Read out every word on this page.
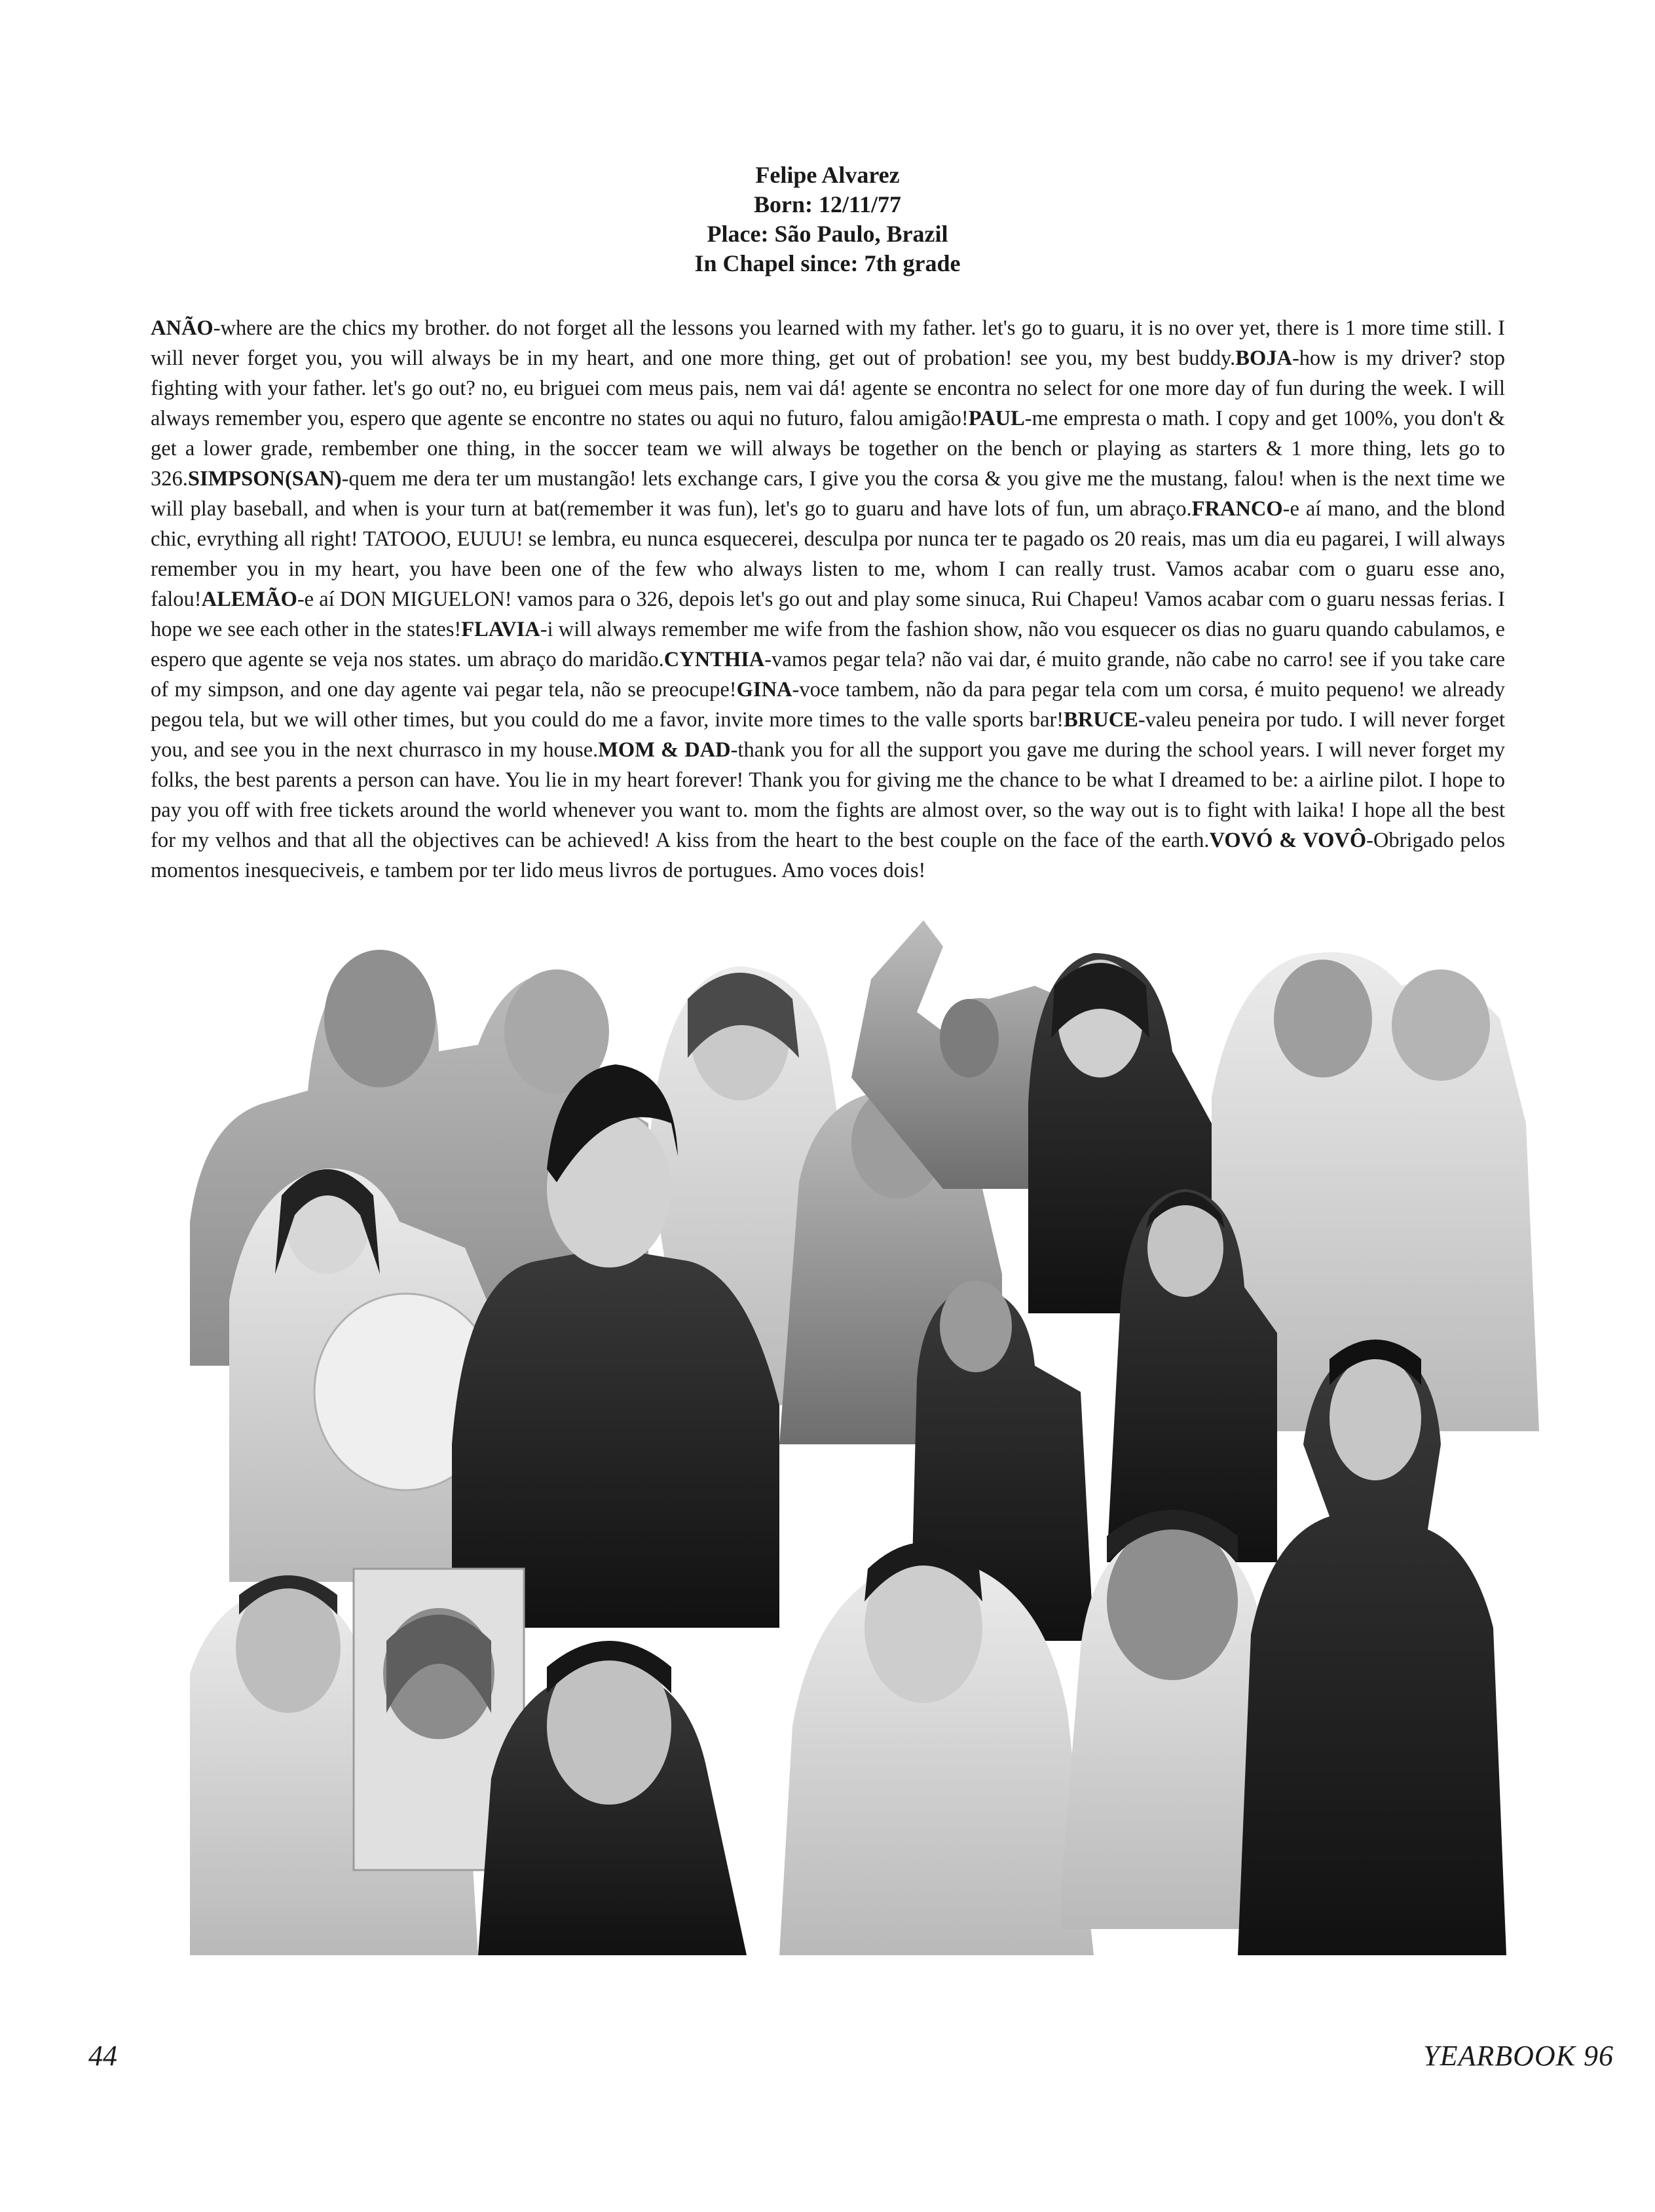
Felipe Alvarez
Born: 12/11/77
Place: São Paulo, Brazil
In Chapel since: 7th grade
ANÃO-where are the chics my brother. do not forget all the lessons you learned with my father. let's go to guaru, it is no over yet, there is 1 more time still. I will never forget you, you will always be in my heart, and one more thing, get out of probation! see you, my best buddy.BOJA-how is my driver? stop fighting with your father. let's go out? no, eu briguei com meus pais, nem vai dá! agente se encontra no select for one more day of fun during the week. I will always remember you, espero que agente se encontre no states ou aqui no futuro, falou amigão!PAUL-me empresta o math. I copy and get 100%, you don't & get a lower grade, rembember one thing, in the soccer team we will always be together on the bench or playing as starters & 1 more thing, lets go to 326.SIMPSON(SAN)-quem me dera ter um mustangão! lets exchange cars, I give you the corsa & you give me the mustang, falou! when is the next time we will play baseball, and when is your turn at bat(remember it was fun), let's go to guaru and have lots of fun, um abraço.FRANCO-e aí mano, and the blond chic, evrything all right! TATOOO, EUUU! se lembra, eu nunca esquecerei, desculpa por nunca ter te pagado os 20 reais, mas um dia eu pagarei, I will always remember you in my heart, you have been one of the few who always listen to me, whom I can really trust. Vamos acabar com o guaru esse ano, falou!ALEMÃO-e aí DON MIGUELON! vamos para o 326, depois let's go out and play some sinuca, Rui Chapeu! Vamos acabar com o guaru nessas ferias. I hope we see each other in the states!FLAVIA-i will always remember me wife from the fashion show, não vou esquecer os dias no guaru quando cabulamos, e espero que agente se veja nos states. um abraço do maridão.CYNTHIA-vamos pegar tela? não vai dar, é muito grande, não cabe no carro! see if you take care of my simpson, and one day agente vai pegar tela, não se preocupe!GINA-voce tambem, não da para pegar tela com um corsa, é muito pequeno! we already pegou tela, but we will other times, but you could do me a favor, invite more times to the valle sports bar!BRUCE-valeu peneira por tudo. I will never forget you, and see you in the next churrasco in my house.MOM & DAD-thank you for all the support you gave me during the school years. I will never forget my folks, the best parents a person can have. You lie in my heart forever! Thank you for giving me the chance to be what I dreamed to be: a airline pilot. I hope to pay you off with free tickets around the world whenever you want to. mom the fights are almost over, so the way out is to fight with laika! I hope all the best for my velhos and that all the objectives can be achieved! A kiss from the heart to the best couple on the face of the earth.VOVÓ & VOVÔ-Obrigado pelos momentos inesqueciveis, e tambem por ter lido meus livros de portugues. Amo voces dois!
44	YEARBOOK 96
